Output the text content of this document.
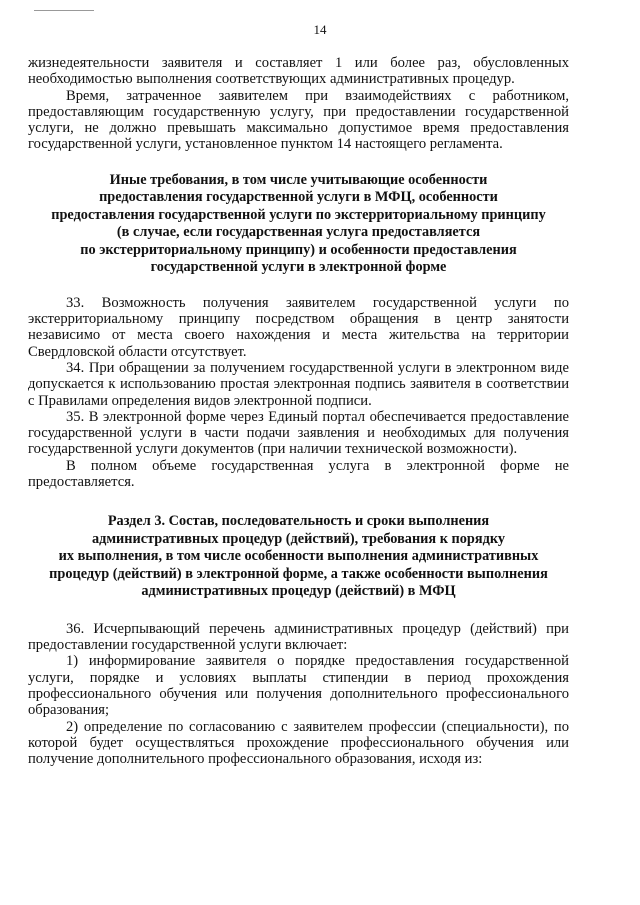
14

жизнедеятельности заявителя и составляет 1 или более раз, обусловленных необходимостью выполнения соответствующих административных процедур.

Время, затраченное заявителем при взаимодействиях с работником, предоставляющим государственную услугу, при предоставлении государственной услуги, не должно превышать максимально допустимое время предоставления государственной услуги, установленное пунктом 14 настоящего регламента.

Иные требования, в том числе учитывающие особенности
предоставления государственной услуги в МФЦ, особенности
предоставления государственной услуги по экстерриториальному принципу
(в случае, если государственная услуга предоставляется
по экстерриториальному принципу) и особенности предоставления
государственной услуги в электронной форме

33. Возможность получения заявителем государственной услуги по экстерриториальному принципу посредством обращения в центр занятости независимо от места своего нахождения и места жительства на территории Свердловской области отсутствует.

34. При обращении за получением государственной услуги в электронном виде допускается к использованию простая электронная подпись заявителя в соответствии с Правилами определения видов электронной подписи.

35. В электронной форме через Единый портал обеспечивается предоставление государственной услуги в части подачи заявления и необходимых для получения государственной услуги документов (при наличии технической возможности).

В полном объеме государственная услуга в электронной форме не предоставляется.

Раздел 3. Состав, последовательность и сроки выполнения
административных процедур (действий), требования к порядку
их выполнения, в том числе особенности выполнения административных
процедур (действий) в электронной форме, а также особенности выполнения
административных процедур (действий) в МФЦ

36. Исчерпывающий перечень административных процедур (действий) при предоставлении государственной услуги включает:

1) информирование заявителя о порядке предоставления государственной услуги, порядке и условиях выплаты стипендии в период прохождения профессионального обучения или получения дополнительного профессионального образования;

2) определение по согласованию с заявителем профессии (специальности), по которой будет осуществляться прохождение профессионального обучения или получение дополнительного профессионального образования, исходя из:
